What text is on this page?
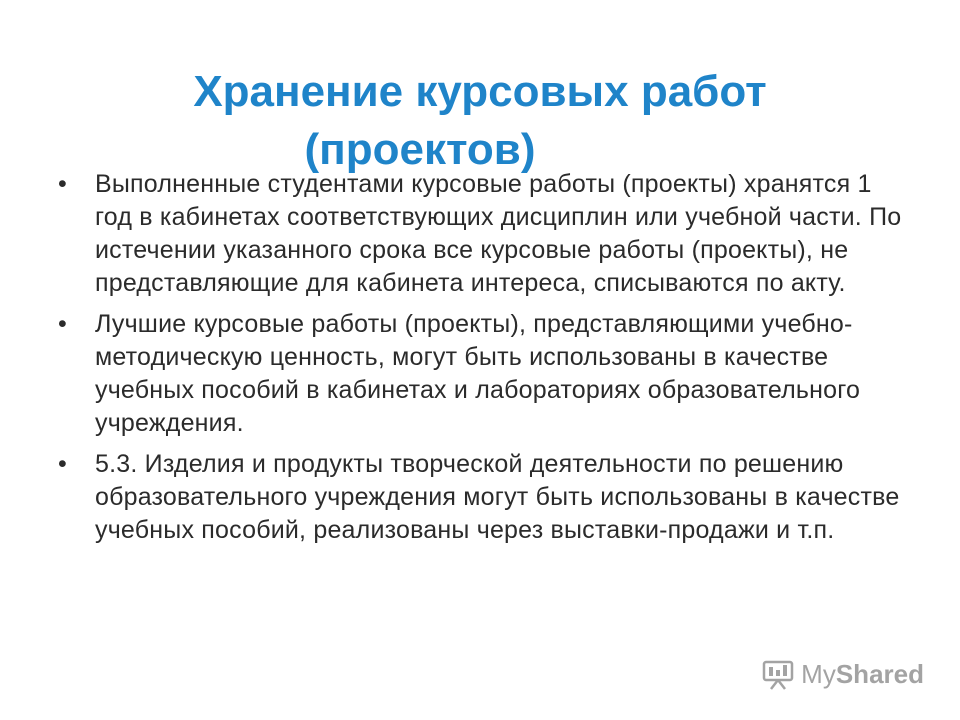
Хранение курсовых работ
(проектов)
•	Выполненные студентами курсовые работы (проекты) хранятся 1 год в кабинетах соответствующих дисциплин или учебной части. По истечении указанного срока все курсовые работы (проекты), не представляющие для кабинета интереса, списываются по акту.
•	Лучшие курсовые работы (проекты), представляющими учебно-методическую ценность, могут быть использованы в качестве учебных пособий в кабинетах и лабораториях образовательного учреждения.
•	5.3. Изделия и продукты творческой деятельности по решению образовательного учреждения могут быть использованы в качестве учебных пособий, реализованы через выставки-продажи и т.п.
MyShared
